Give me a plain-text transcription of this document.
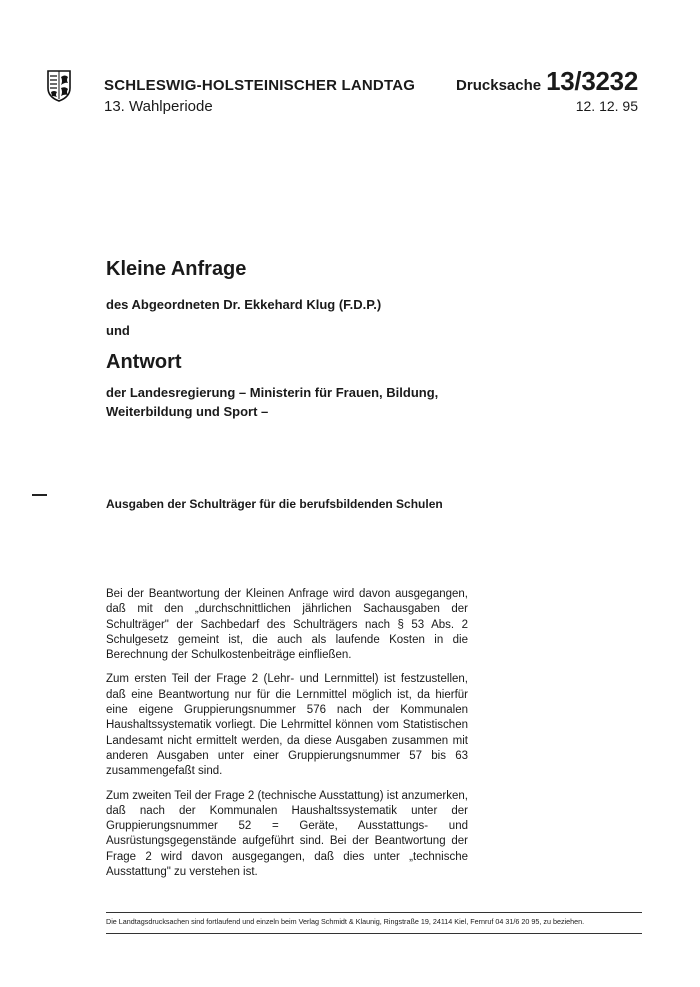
SCHLESWIG-HOLSTEINISCHER LANDTAG
13. Wahlperiode
Drucksache 13/3232
12. 12. 95
Kleine Anfrage
des Abgeordneten Dr. Ekkehard Klug (F.D.P.)
und
Antwort
der Landesregierung – Ministerin für Frauen, Bildung,
Weiterbildung und Sport –
Ausgaben der Schulträger für die berufsbildenden Schulen

Bei der Beantwortung der Kleinen Anfrage wird davon ausgegangen, daß mit den „durchschnittlichen jährlichen Sachausgaben der Schulträger" der Sachbedarf des Schulträgers nach § 53 Abs. 2 Schulgesetz gemeint ist, die auch als laufende Kosten in die Berechnung der Schulkostenbeiträge einfließen.

Zum ersten Teil der Frage 2 (Lehr- und Lernmittel) ist festzustellen, daß eine Beantwortung nur für die Lernmittel möglich ist, da hierfür eine eigene Gruppierungsnummer 576 nach der Kommunalen Haushaltssystematik vorliegt. Die Lehrmittel können vom Statistischen Landesamt nicht ermittelt werden, da diese Ausgaben zusammen mit anderen Ausgaben unter einer Gruppierungsnummer 57 bis 63 zusammengefaßt sind.

Zum zweiten Teil der Frage 2 (technische Ausstattung) ist anzumerken, daß nach der Kommunalen Haushaltssystematik unter der Gruppierungsnummer 52 = Geräte, Ausstattungs- und Ausrüstungsgegenstände aufgeführt sind. Bei der Beantwortung der Frage 2 wird davon ausgegangen, daß dies unter „technische Ausstattung" zu verstehen ist.

Die Landtagsdrucksachen sind fortlaufend und einzeln beim Verlag Schmidt & Klaunig, Ringstraße 19, 24114 Kiel, Fernruf 04 31/6 20 95, zu beziehen.
